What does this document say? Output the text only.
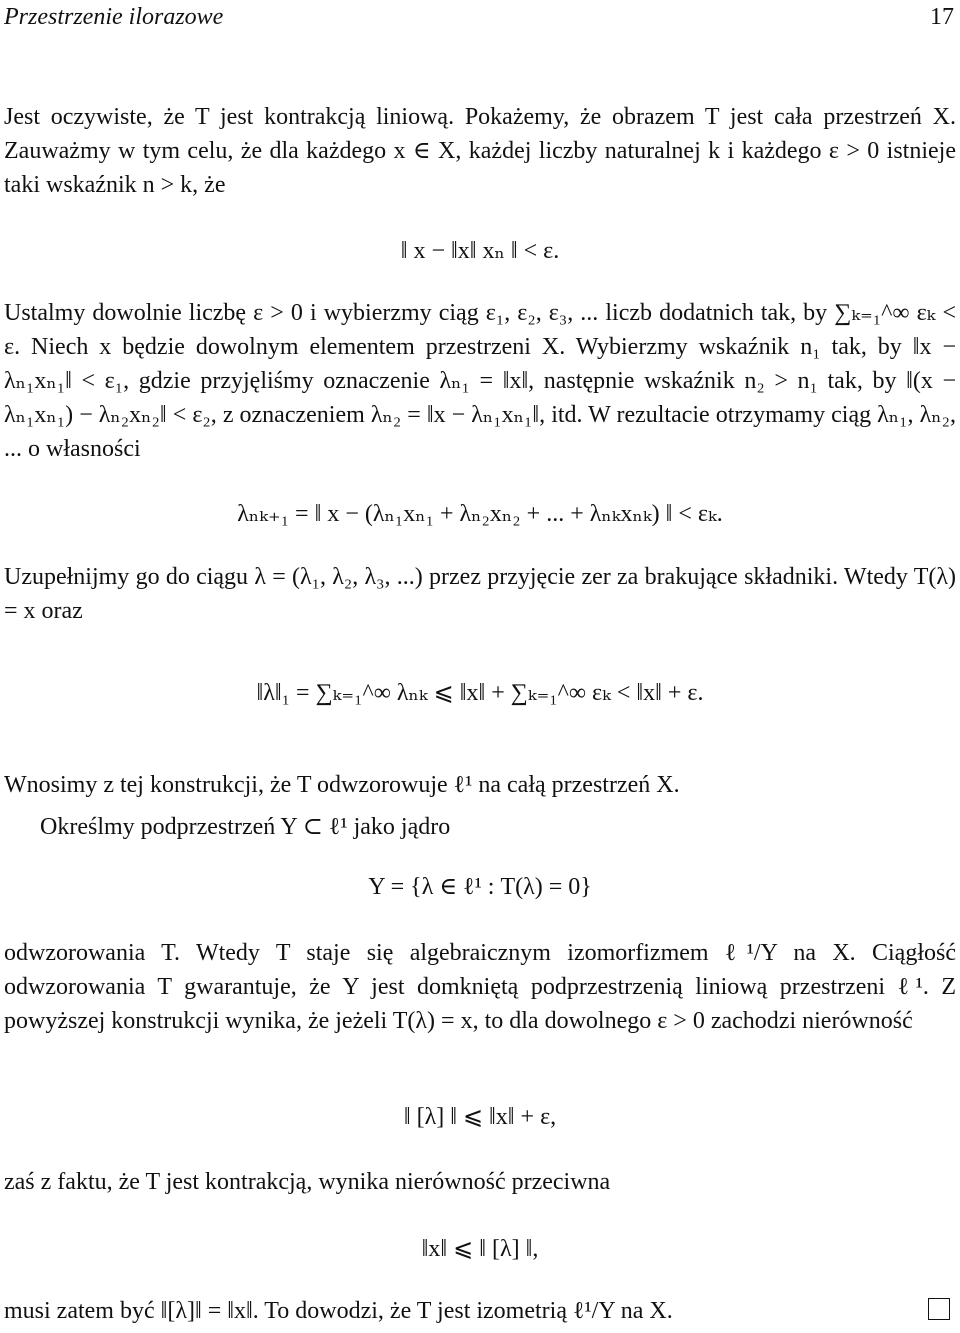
Przestrzenie ilorazowe	17

Jest oczywiste, że T jest kontrakcją liniową. Pokażemy, że obrazem T jest cała przestrzeń X. Zauważmy w tym celu, że dla każdego x ∈ X, każdej liczby naturalnej k i każdego ε > 0 istnieje taki wskaźnik n > k, że

‖ x − ‖x‖ xₙ ‖ < ε.

Ustalmy dowolnie liczbę ε > 0 i wybierzmy ciąg ε₁, ε₂, ε₃, ... liczb dodatnich tak, by ∑ₖ₌₁^∞ εₖ < ε. Niech x będzie dowolnym elementem przestrzeni X. Wybierzmy wskaźnik n₁ tak, by ‖x − λₙ₁xₙ₁‖ < ε₁, gdzie przyjęliśmy oznaczenie λₙ₁ = ‖x‖, następnie wskaźnik n₂ > n₁ tak, by ‖(x − λₙ₁xₙ₁) − λₙ₂xₙ₂‖ < ε₂, z oznaczeniem λₙ₂ = ‖x − λₙ₁xₙ₁‖, itd. W rezultacie otrzymamy ciąg λₙ₁, λₙ₂, ... o własności

λₙₖ₊₁ = ‖ x − (λₙ₁xₙ₁ + λₙ₂xₙ₂ + ... + λₙₖxₙₖ) ‖ < εₖ.

Uzupełnijmy go do ciągu λ = (λ₁, λ₂, λ₃, ...) przez przyjęcie zer za brakujące składniki. Wtedy T(λ) = x oraz

‖λ‖₁ = ∑ₖ₌₁^∞ λₙₖ ⩽ ‖x‖ + ∑ₖ₌₁^∞ εₖ < ‖x‖ + ε.

Wnosimy z tej konstrukcji, że T odwzorowuje ℓ¹ na całą przestrzeń X.

Określmy podprzestrzeń Y ⊂ ℓ¹ jako jądro

Y = {λ ∈ ℓ¹ : T(λ) = 0}

odwzorowania T. Wtedy T staje się algebraicznym izomorfizmem ℓ¹/Y na X. Ciągłość odwzorowania T gwarantuje, że Y jest domkniętą podprzestrzenią liniową przestrzeni ℓ¹. Z powyższej konstrukcji wynika, że jeżeli T(λ) = x, to dla dowolnego ε > 0 zachodzi nierówność

‖ [λ] ‖ ⩽ ‖x‖ + ε,

zaś z faktu, że T jest kontrakcją, wynika nierówność przeciwna

‖x‖ ⩽ ‖ [λ] ‖,

musi zatem być ‖[λ]‖ = ‖x‖. To dowodzi, że T jest izometrią ℓ¹/Y na X.
